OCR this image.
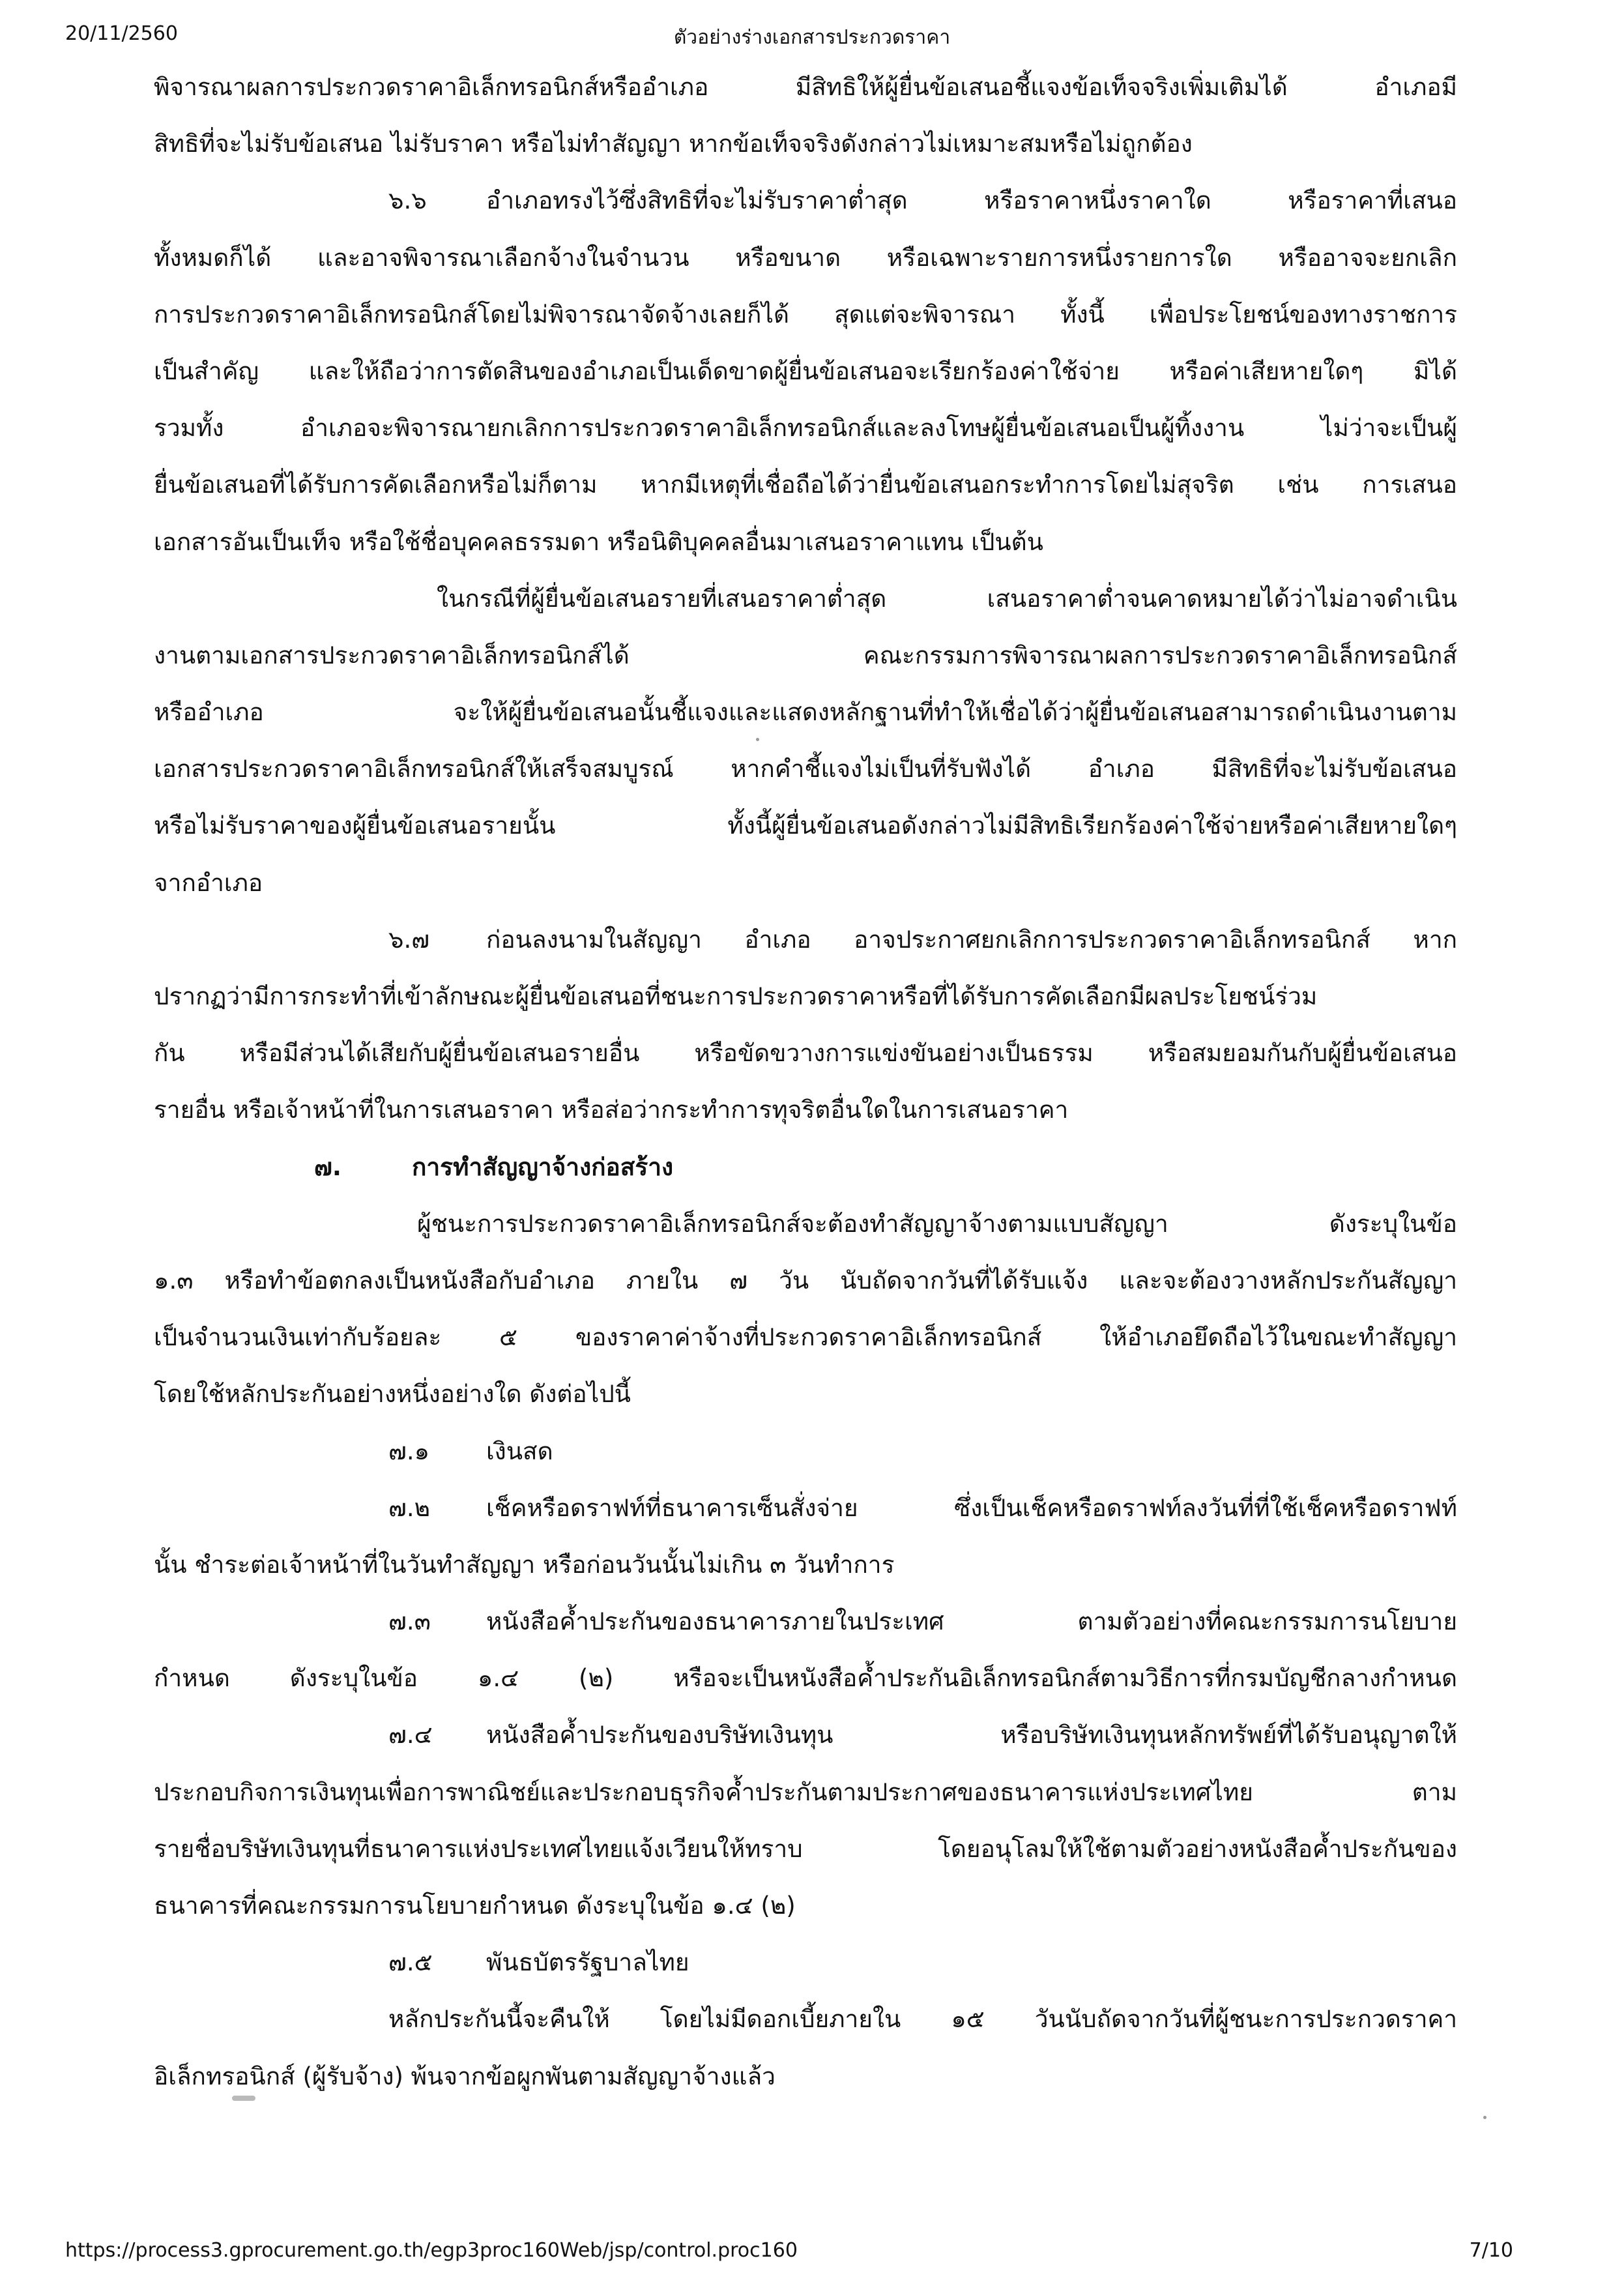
20/11/2560	ตัวอย่างร่างเอกสารประกวดราคา
พิจารณาผลการประกวดราคาอิเล็กทรอนิกส์หรืออำเภอ มีสิทธิให้ผู้ยื่นข้อเสนอชี้แจงข้อเท็จจริงเพิ่มเติมได้ อำเภอมี
สิทธิที่จะไม่รับข้อเสนอ ไม่รับราคา หรือไม่ทำสัญญา หากข้อเท็จจริงดังกล่าวไม่เหมาะสมหรือไม่ถูกต้อง
๖.๖	อำเภอทรงไว้ซึ่งสิทธิที่จะไม่รับราคาต่ำสุด หรือราคาหนึ่งราคาใด หรือราคาที่เสนอ
ทั้งหมดก็ได้ และอาจพิจารณาเลือกจ้างในจำนวน หรือขนาด หรือเฉพาะรายการหนึ่งรายการใด หรืออาจจะยกเลิก
การประกวดราคาอิเล็กทรอนิกส์โดยไม่พิจารณาจัดจ้างเลยก็ได้ สุดแต่จะพิจารณา ทั้งนี้ เพื่อประโยชน์ของทางราชการ
เป็นสำคัญ และให้ถือว่าการตัดสินของอำเภอเป็นเด็ดขาดผู้ยื่นข้อเสนอจะเรียกร้องค่าใช้จ่าย หรือค่าเสียหายใดๆ มิได้
รวมทั้ง อำเภอจะพิจารณายกเลิกการประกวดราคาอิเล็กทรอนิกส์และลงโทษผู้ยื่นข้อเสนอเป็นผู้ทิ้งงาน ไม่ว่าจะเป็นผู้
ยื่นข้อเสนอที่ได้รับการคัดเลือกหรือไม่ก็ตาม หากมีเหตุที่เชื่อถือได้ว่ายื่นข้อเสนอกระทำการโดยไม่สุจริต เช่น การเสนอ
เอกสารอันเป็นเท็จ หรือใช้ชื่อบุคคลธรรมดา หรือนิติบุคคลอื่นมาเสนอราคาแทน เป็นต้น
ในกรณีที่ผู้ยื่นข้อเสนอรายที่เสนอราคาต่ำสุด เสนอราคาต่ำจนคาดหมายได้ว่าไม่อาจดำเนิน
งานตามเอกสารประกวดราคาอิเล็กทรอนิกส์ได้ คณะกรรมการพิจารณาผลการประกวดราคาอิเล็กทรอนิกส์
หรืออำเภอ จะให้ผู้ยื่นข้อเสนอนั้นชี้แจงและแสดงหลักฐานที่ทำให้เชื่อได้ว่าผู้ยื่นข้อเสนอสามารถดำเนินงานตาม
เอกสารประกวดราคาอิเล็กทรอนิกส์ให้เสร็จสมบูรณ์ หากคำชี้แจงไม่เป็นที่รับฟังได้ อำเภอ มีสิทธิที่จะไม่รับข้อเสนอ
หรือไม่รับราคาของผู้ยื่นข้อเสนอรายนั้น ทั้งนี้ผู้ยื่นข้อเสนอดังกล่าวไม่มีสิทธิเรียกร้องค่าใช้จ่ายหรือค่าเสียหายใดๆ
จากอำเภอ
๖.๗	ก่อนลงนามในสัญญา อำเภอ อาจประกาศยกเลิกการประกวดราคาอิเล็กทรอนิกส์ หาก
ปรากฏว่ามีการกระทำที่เข้าลักษณะผู้ยื่นข้อเสนอที่ชนะการประกวดราคาหรือที่ได้รับการคัดเลือกมีผลประโยชน์ร่วม
กัน หรือมีส่วนได้เสียกับผู้ยื่นข้อเสนอรายอื่น หรือขัดขวางการแข่งขันอย่างเป็นธรรม หรือสมยอมกันกับผู้ยื่นข้อเสนอ
รายอื่น หรือเจ้าหน้าที่ในการเสนอราคา หรือส่อว่ากระทำการทุจริตอื่นใดในการเสนอราคา
๗.	การทำสัญญาจ้างก่อสร้าง
ผู้ชนะการประกวดราคาอิเล็กทรอนิกส์จะต้องทำสัญญาจ้างตามแบบสัญญา ดังระบุในข้อ
๑.๓ หรือทำข้อตกลงเป็นหนังสือกับอำเภอ ภายใน ๗ วัน นับถัดจากวันที่ได้รับแจ้ง และจะต้องวางหลักประกันสัญญา
เป็นจำนวนเงินเท่ากับร้อยละ ๕ ของราคาค่าจ้างที่ประกวดราคาอิเล็กทรอนิกส์ ให้อำเภอยึดถือไว้ในขณะทำสัญญา
โดยใช้หลักประกันอย่างหนึ่งอย่างใด ดังต่อไปนี้
๗.๑	เงินสด
๗.๒	เช็คหรือดราฟท์ที่ธนาคารเซ็นสั่งจ่าย ซึ่งเป็นเช็คหรือดราฟท์ลงวันที่ที่ใช้เช็คหรือดราฟท์
นั้น ชำระต่อเจ้าหน้าที่ในวันทำสัญญา หรือก่อนวันนั้นไม่เกิน ๓ วันทำการ
๗.๓	หนังสือค้ำประกันของธนาคารภายในประเทศ ตามตัวอย่างที่คณะกรรมการนโยบาย
กำหนด ดังระบุในข้อ ๑.๔ (๒) หรือจะเป็นหนังสือค้ำประกันอิเล็กทรอนิกส์ตามวิธีการที่กรมบัญชีกลางกำหนด
๗.๔	หนังสือค้ำประกันของบริษัทเงินทุน หรือบริษัทเงินทุนหลักทรัพย์ที่ได้รับอนุญาตให้
ประกอบกิจการเงินทุนเพื่อการพาณิชย์และประกอบธุรกิจค้ำประกันตามประกาศของธนาคารแห่งประเทศไทย ตาม
รายชื่อบริษัทเงินทุนที่ธนาคารแห่งประเทศไทยแจ้งเวียนให้ทราบ โดยอนุโลมให้ใช้ตามตัวอย่างหนังสือค้ำประกันของ
ธนาคารที่คณะกรรมการนโยบายกำหนด ดังระบุในข้อ ๑.๔ (๒)
๗.๕	พันธบัตรรัฐบาลไทย
หลักประกันนี้จะคืนให้ โดยไม่มีดอกเบี้ยภายใน ๑๕ วันนับถัดจากวันที่ผู้ชนะการประกวดราคา
อิเล็กทรอนิกส์ (ผู้รับจ้าง) พ้นจากข้อผูกพันตามสัญญาจ้างแล้ว
https://process3.gprocurement.go.th/egp3proc160Web/jsp/control.proc160	7/10
